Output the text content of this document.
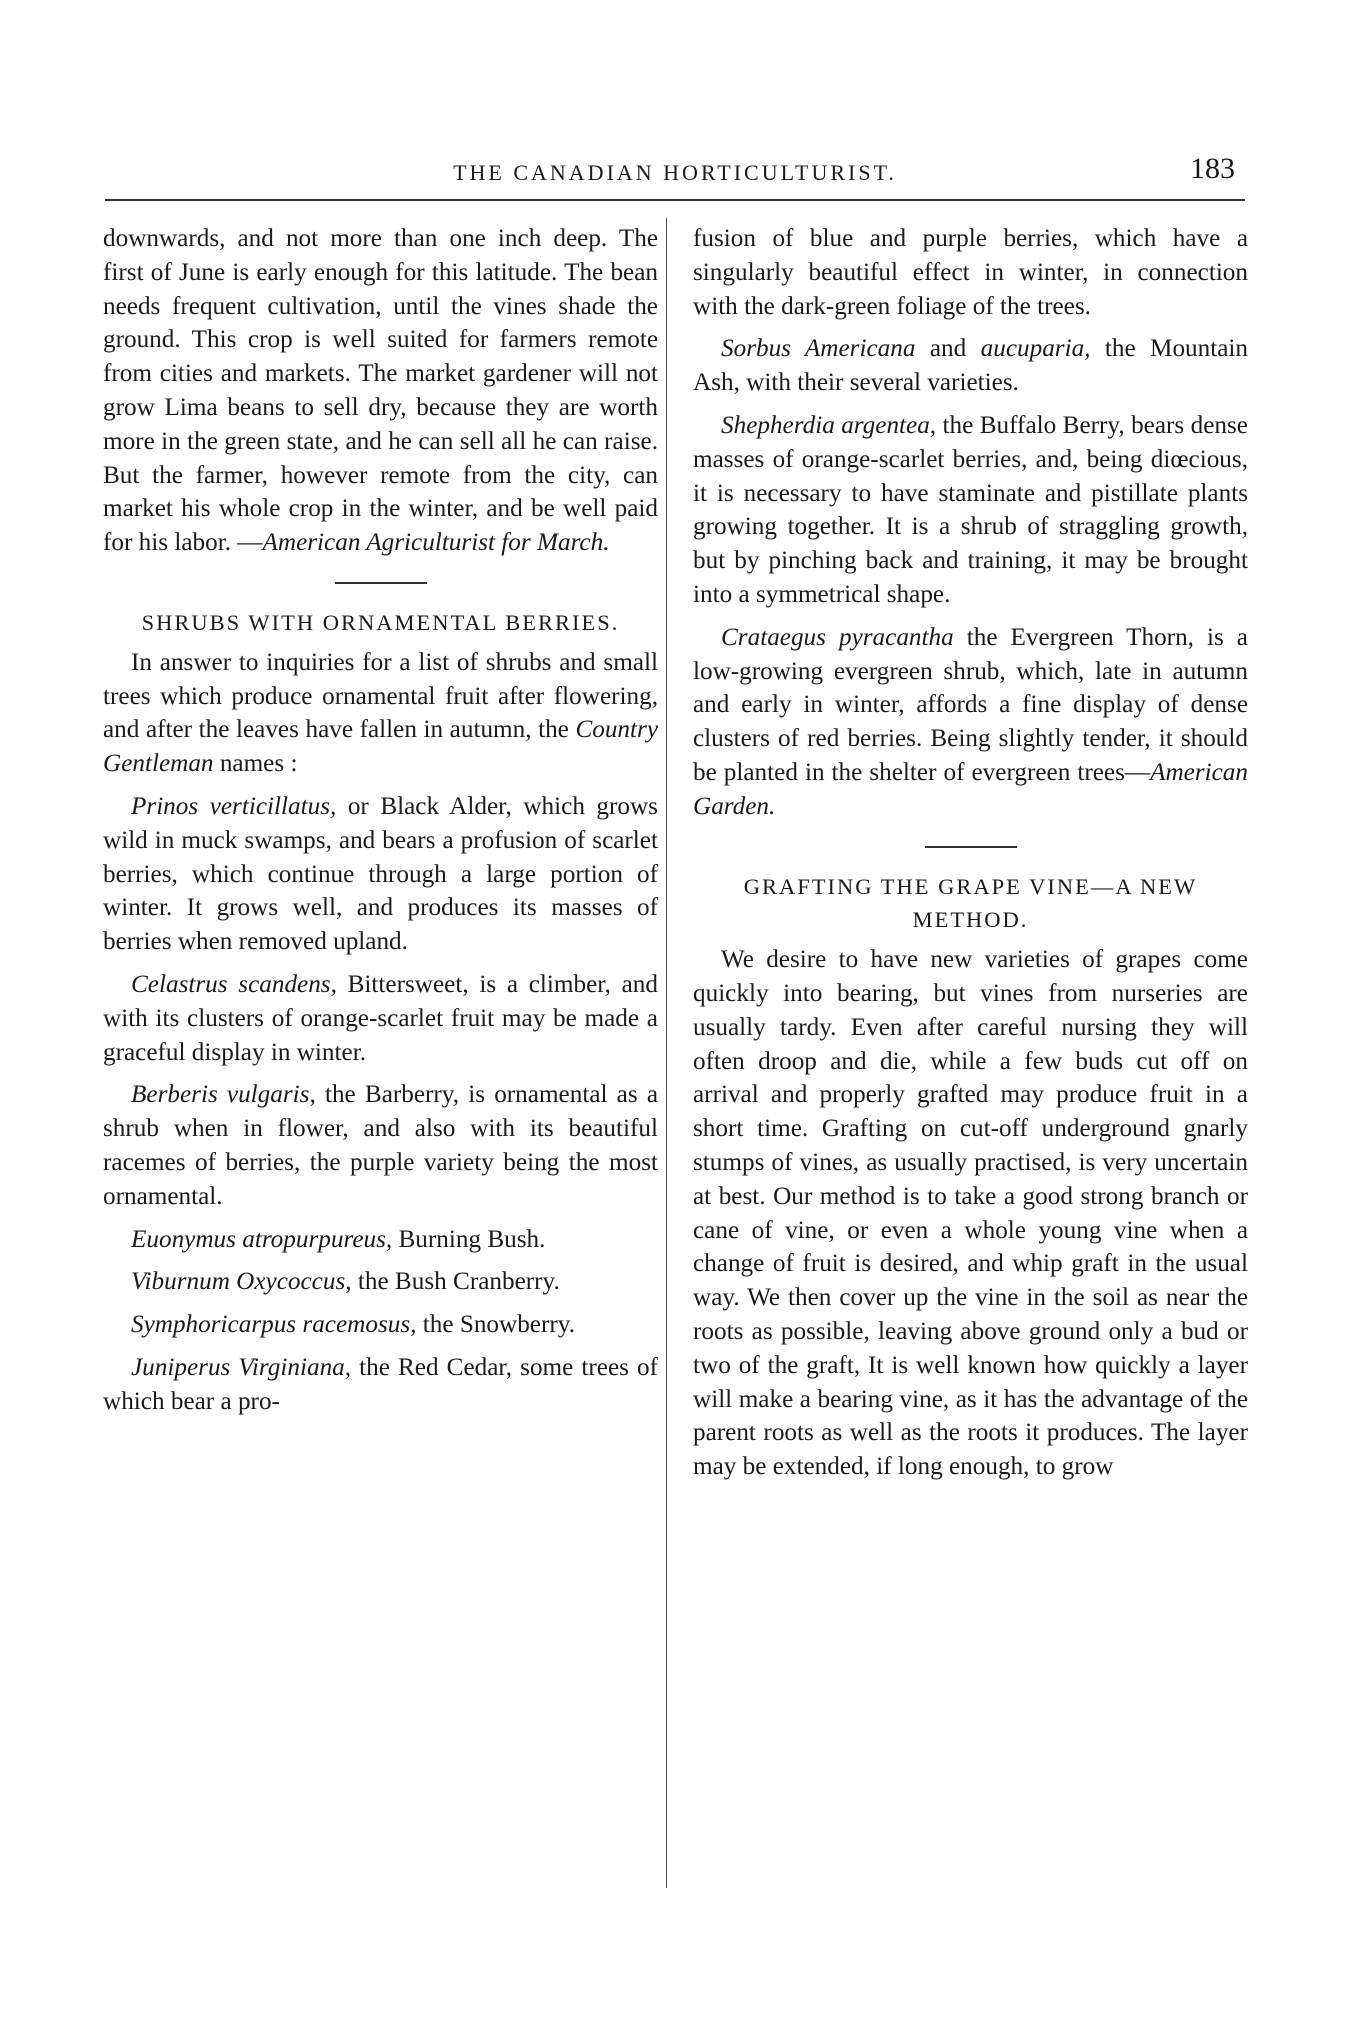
THE CANADIAN HORTICULTURIST.	183

downwards, and not more than one inch deep. The first of June is early enough for this latitude. The bean needs frequent cultivation, until the vines shade the ground. This crop is well suited for farmers remote from cities and markets. The market gardener will not grow Lima beans to sell dry, because they are worth more in the green state, and he can sell all he can raise. But the farmer, however remote from the city, can market his whole crop in the winter, and be well paid for his labor. —American Agriculturist for March.

SHRUBS WITH ORNAMENTAL BERRIES.

In answer to inquiries for a list of shrubs and small trees which produce ornamental fruit after flowering, and after the leaves have fallen in autumn, the Country Gentleman names :

Prinos verticillatus, or Black Alder, which grows wild in muck swamps, and bears a profusion of scarlet berries, which continue through a large portion of winter. It grows well, and produces its masses of berries when removed upland.

Celastrus scandens, Bittersweet, is a climber, and with its clusters of orange-scarlet fruit may be made a graceful display in winter.

Berberis vulgaris, the Barberry, is ornamental as a shrub when in flower, and also with its beautiful racemes of berries, the purple variety being the most ornamental.

Euonymus atropurpureus, Burning Bush.

Viburnum Oxycoccus, the Bush Cranberry.

Symphoricarpus racemosus, the Snowberry.

Juniperus Virginiana, the Red Cedar, some trees of which bear a pro-

fusion of blue and purple berries, which have a singularly beautiful effect in winter, in connection with the dark-green foliage of the trees.

Sorbus Americana and aucuparia, the Mountain Ash, with their several varieties.

Shepherdia argentea, the Buffalo Berry, bears dense masses of orange-scarlet berries, and, being diœcious, it is necessary to have staminate and pistillate plants growing together. It is a shrub of straggling growth, but by pinching back and training, it may be brought into a symmetrical shape.

Crataegus pyracantha the Evergreen Thorn, is a low-growing evergreen shrub, which, late in autumn and early in winter, affords a fine display of dense clusters of red berries. Being slightly tender, it should be planted in the shelter of evergreen trees—American Garden.

GRAFTING THE GRAPE VINE—A NEW METHOD.

We desire to have new varieties of grapes come quickly into bearing, but vines from nurseries are usually tardy. Even after careful nursing they will often droop and die, while a few buds cut off on arrival and properly grafted may produce fruit in a short time. Grafting on cut-off underground gnarly stumps of vines, as usually practised, is very uncertain at best. Our method is to take a good strong branch or cane of vine, or even a whole young vine when a change of fruit is desired, and whip graft in the usual way. We then cover up the vine in the soil as near the roots as possible, leaving above ground only a bud or two of the graft, It is well known how quickly a layer will make a bearing vine, as it has the advantage of the parent roots as well as the roots it produces. The layer may be extended, if long enough, to grow
